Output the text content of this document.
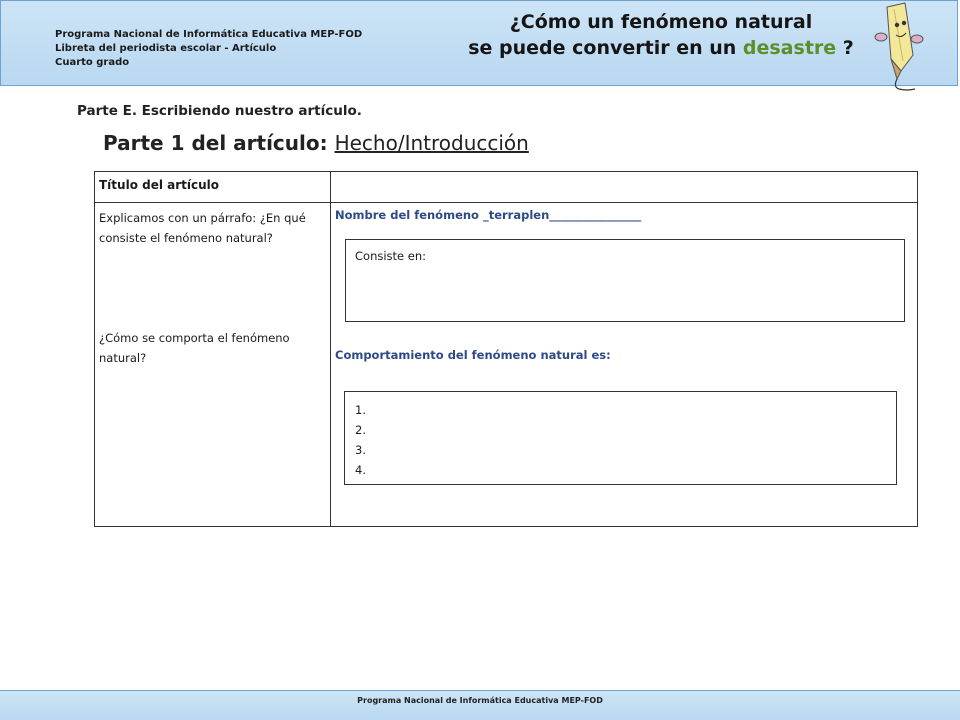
Programa Nacional de Informática Educativa MEP-FOD
Libreta del periodista escolar - Artículo
Cuarto grado
¿Cómo un fenómeno natural
se puede convertir en un desastre ?
Parte E. Escribiendo nuestro artículo.
Parte 1 del artículo: Hecho/Introducción
Título del artículo
Explicamos con un párrafo: ¿En qué consiste el fenómeno natural?
¿Cómo se comporta el fenómeno natural?
Nombre del fenómeno _terraplen________________
Consiste en:
Comportamiento del fenómeno natural es:
1.
2.
3.
4.
Programa Nacional de Informática Educativa MEP-FOD
